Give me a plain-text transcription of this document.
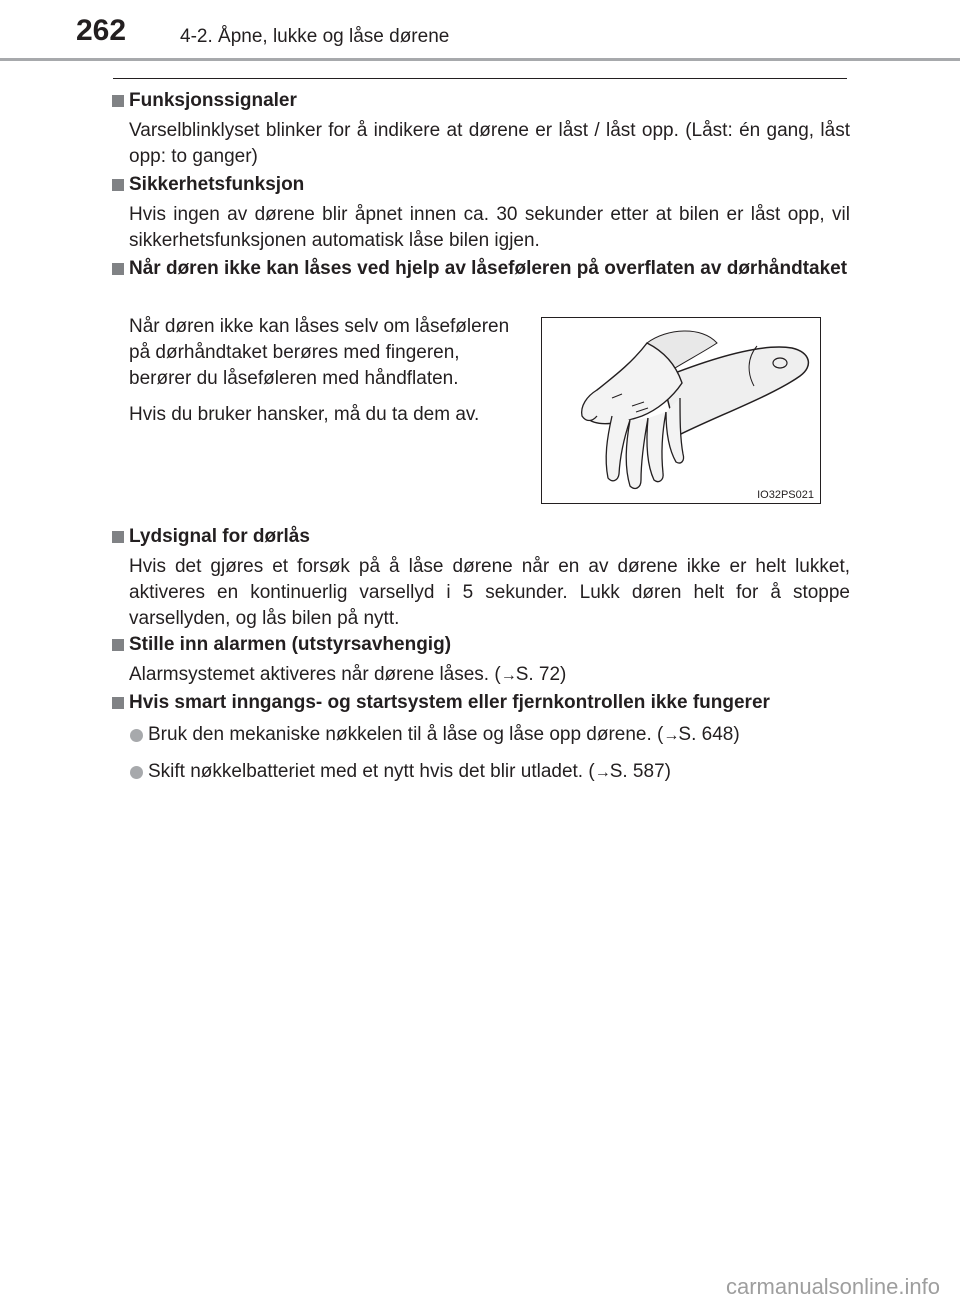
262	4-2. Åpne, lukke og låse dørene
Funksjonssignaler
Varselblinklyset blinker for å indikere at dørene er låst / låst opp. (Låst: én gang, låst opp: to ganger)
Sikkerhetsfunksjon
Hvis ingen av dørene blir åpnet innen ca. 30 sekunder etter at bilen er låst opp, vil sikkerhetsfunksjonen automatisk låse bilen igjen.
Når døren ikke kan låses ved hjelp av låseføleren på overflaten av dørhåndtaket

Når døren ikke kan låses selv om låseføleren på dørhåndtaket berøres med fingeren, berører du låseføleren med håndflaten.

Hvis du bruker hansker, må du ta dem av.

IO32PS021
Lydsignal for dørlås
Hvis det gjøres et forsøk på å låse dørene når en av dørene ikke er helt lukket, aktiveres en kontinuerlig varsellyd i 5 sekunder. Lukk døren helt for å stoppe varsellyden, og lås bilen på nytt.
Stille inn alarmen (utstyrsavhengig)
Alarmsystemet aktiveres når dørene låses. (→S. 72)
Hvis smart inngangs- og startsystem eller fjernkontrollen ikke fungerer
Bruk den mekaniske nøkkelen til å låse og låse opp dørene. (→S. 648)
Skift nøkkelbatteriet med et nytt hvis det blir utladet. (→S. 587)
carmanualsonline.info
